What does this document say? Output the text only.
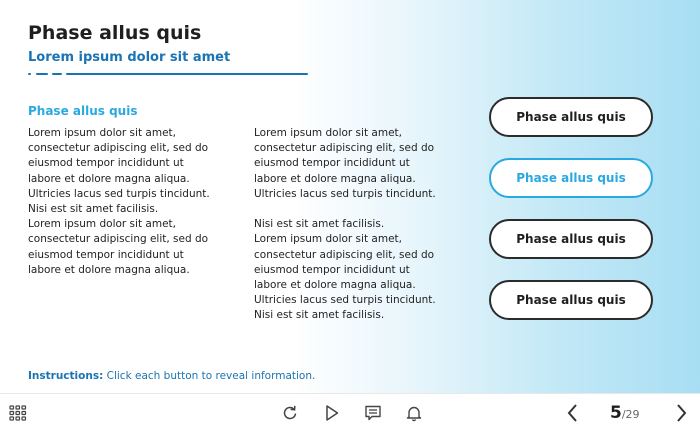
Phase allus quis
Lorem ipsum dolor sit amet
Phase allus quis

Lorem ipsum dolor sit amet,

consectetur adipiscing elit, sed do

eiusmod tempor incididunt ut

labore et dolore magna aliqua.

Ultricies lacus sed turpis tincidunt.

Nisi est sit amet facilisis.

Lorem ipsum dolor sit amet,

consectetur adipiscing elit, sed do

eiusmod tempor incididunt ut

labore et dolore magna aliqua.

Lorem ipsum dolor sit amet,

consectetur adipiscing elit, sed do

eiusmod tempor incididunt ut

labore et dolore magna aliqua.

Ultricies lacus sed turpis tincidunt.

Nisi est sit amet facilisis.

Lorem ipsum dolor sit amet,

consectetur adipiscing elit, sed do

eiusmod tempor incididunt ut

labore et dolore magna aliqua.

Ultricies lacus sed turpis tincidunt.

Nisi est sit amet facilisis.

Phase allus quis
Phase allus quis
Phase allus quis
Phase allus quis
Instructions: Click each button to reveal information.
5/29
